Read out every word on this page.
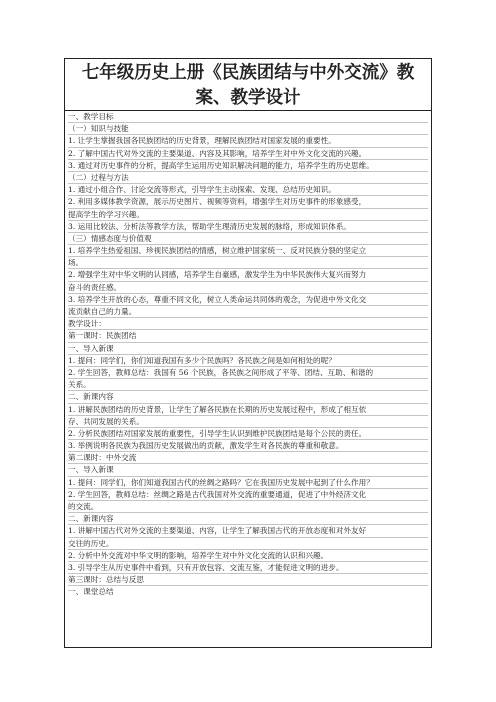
七年级历史上册《民族团结与中外交流》教
案、教学设计
一、教学目标
（一）知识与技能
1. 让学生掌握我国各民族团结的历史背景，理解民族团结对国家发展的重要性。
2. 了解中国古代对外交流的主要渠道、内容及其影响，培养学生对中外文化交流的兴趣。
3. 通过对历史事件的分析，提高学生运用历史知识解决问题的能力，培养学生的历史思维。
（二）过程与方法
1. 通过小组合作、讨论交流等形式，引导学生主动探索、发现、总结历史知识。
2. 利用多媒体教学资源，展示历史图片、视频等资料，增强学生对历史事件的形象感受，
提高学生的学习兴趣。
3. 运用比较法、分析法等教学方法，帮助学生理清历史发展的脉络，形成知识体系。
（三）情感态度与价值观
1. 培养学生热爱祖国、珍视民族团结的情感，树立维护国家统一、反对民族分裂的坚定立
场。
2. 增强学生对中华文明的认同感，培养学生自豪感，激发学生为中华民族伟大复兴而努力
奋斗的责任感。
3. 培养学生开放的心态，尊重不同文化，树立人类命运共同体的观念，为促进中外文化交
流贡献自己的力量。
教学设计：
第一课时：民族团结
一、导入新课
1. 提问：同学们，你们知道我国有多少个民族吗？各民族之间是如何相处的呢？
2. 学生回答，教师总结：我国有 56 个民族，各民族之间形成了平等、团结、互助、和谐的
关系。
二、新课内容
1. 讲解民族团结的历史背景，让学生了解各民族在长期的历史发展过程中，形成了相互依
存、共同发展的关系。
2. 分析民族团结对国家发展的重要性，引导学生认识到维护民族团结是每个公民的责任。
3. 举例说明各民族为我国历史发展做出的贡献，激发学生对各民族的尊重和敬意。
第二课时：中外交流
一、导入新课
1. 提问：同学们，你们知道我国古代的丝绸之路吗？它在我国历史发展中起到了什么作用？
2. 学生回答，教师总结：丝绸之路是古代我国对外交流的重要通道，促进了中外经济文化
的交流。
二、新课内容
1. 讲解中国古代对外交流的主要渠道、内容，让学生了解我国古代的开放态度和对外友好
交往的历史。
2. 分析中外交流对中华文明的影响，培养学生对中外文化交流的认识和兴趣。
3. 引导学生从历史事件中看到，只有开放包容、交流互鉴，才能促进文明的进步。
第三课时：总结与反思
一、课堂总结
